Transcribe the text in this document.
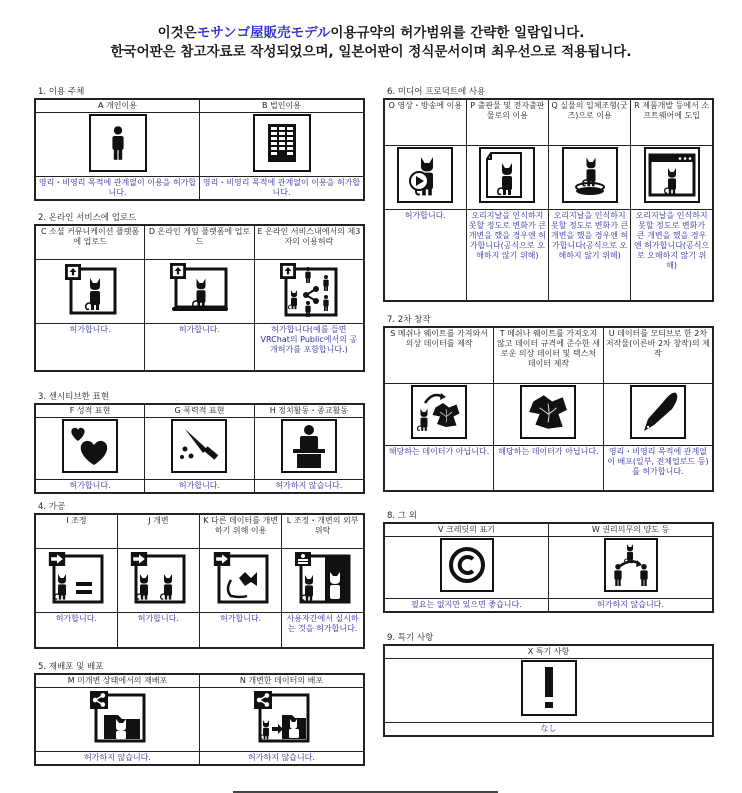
이것은モサンゴ屋販売モデル이용규약의 허가범위를 간략한 일람입니다.
한국어판은 참고자료로 작성되었으며, 일본어판이 정식문서이며 최우선으로 적용됩니다.
1. 이용 주체
A 개인이용	B 법인이용

영리・비영리 목적에 관계없이 이용을 허가합니다.	영리・비영리 목적에 관계없이 이용을 허가합니다.
2. 온라인 서비스에 업로드
C 소셜 커뮤니케이션 플랫폼에 업로드	D 온라인 게임 플랫폼에 업로드	E 온라인 서비스내에서의 제3자의 이용허락

허가합니다.	허가합니다.	허가합니다(예를 들면 VRChat의 Public에서의 공개허가를 포함합니다.)
3. 센시티브한 표현
F 성적 표현	G 폭력적 표현	H 정치활동・종교활동

허가합니다.	허가합니다.	허가하지 않습니다.
4. 가공
I 조정	J 개변	K 다른 데이터를 개변하기 위해 이용	L 조정・개변의 외부위탁

허가합니다.	허가합니다.	허가합니다.	사용자간에서 실시하는 것을 허가합니다.
5. 재배포 및 배포
M 미개변 상태에서의 재배포	N 개변한 데이터의 배포

허가하지 않습니다.	허가하지 않습니다.
6. 미디어 프로덕트에 사용
O 영상・방송에 이용	P 출판물 및 전자출판물로의 이용	Q 실물의 입체조형(굿즈)으로 이용	R 제품개발 등에서 소프트웨어에 도입

허가합니다.	오리지날을 인식하지 못할 정도로 변화가 큰 개변을 했을 경우엔 허가합니다(공식으로 오해하지 않기 위해)	오리지날을 인식하지 못할 정도로 변화가 큰 개변을 했을 경우엔 허가합니다(공식으로 오해하지 않기 위해)	오리지날을 인식하지 못할 정도로 변화가 큰 개변을 했을 경우엔 허가합니다(공식으로 오해하지 않기 위해)
7. 2차 창작
S 메쉬나 웨이트를 가져와서 의상 데이터를 제작	T 메쉬나 웨이트를 가져오지 않고 데이터 규격에 준수한 새로운 의상 데이터 및 텍스처 데이터 제작	U 데이터를 모티브로 한 2차 저작물(이른바 2차 창작)의 제작

해당하는 데이터가 아닙니다.	해당하는 데이터가 아닙니다.	영리・비영리 목적에 관계없이 배포(일부, 전체업로드 등)를 허가합니다.
8. 그 외
V 크레딧의 표기	W 권리의무의 양도 등

필요는 없지만 있으면 좋습니다.	허가하지 않습니다.
9. 특기 사항
X 특기 사항

なし
